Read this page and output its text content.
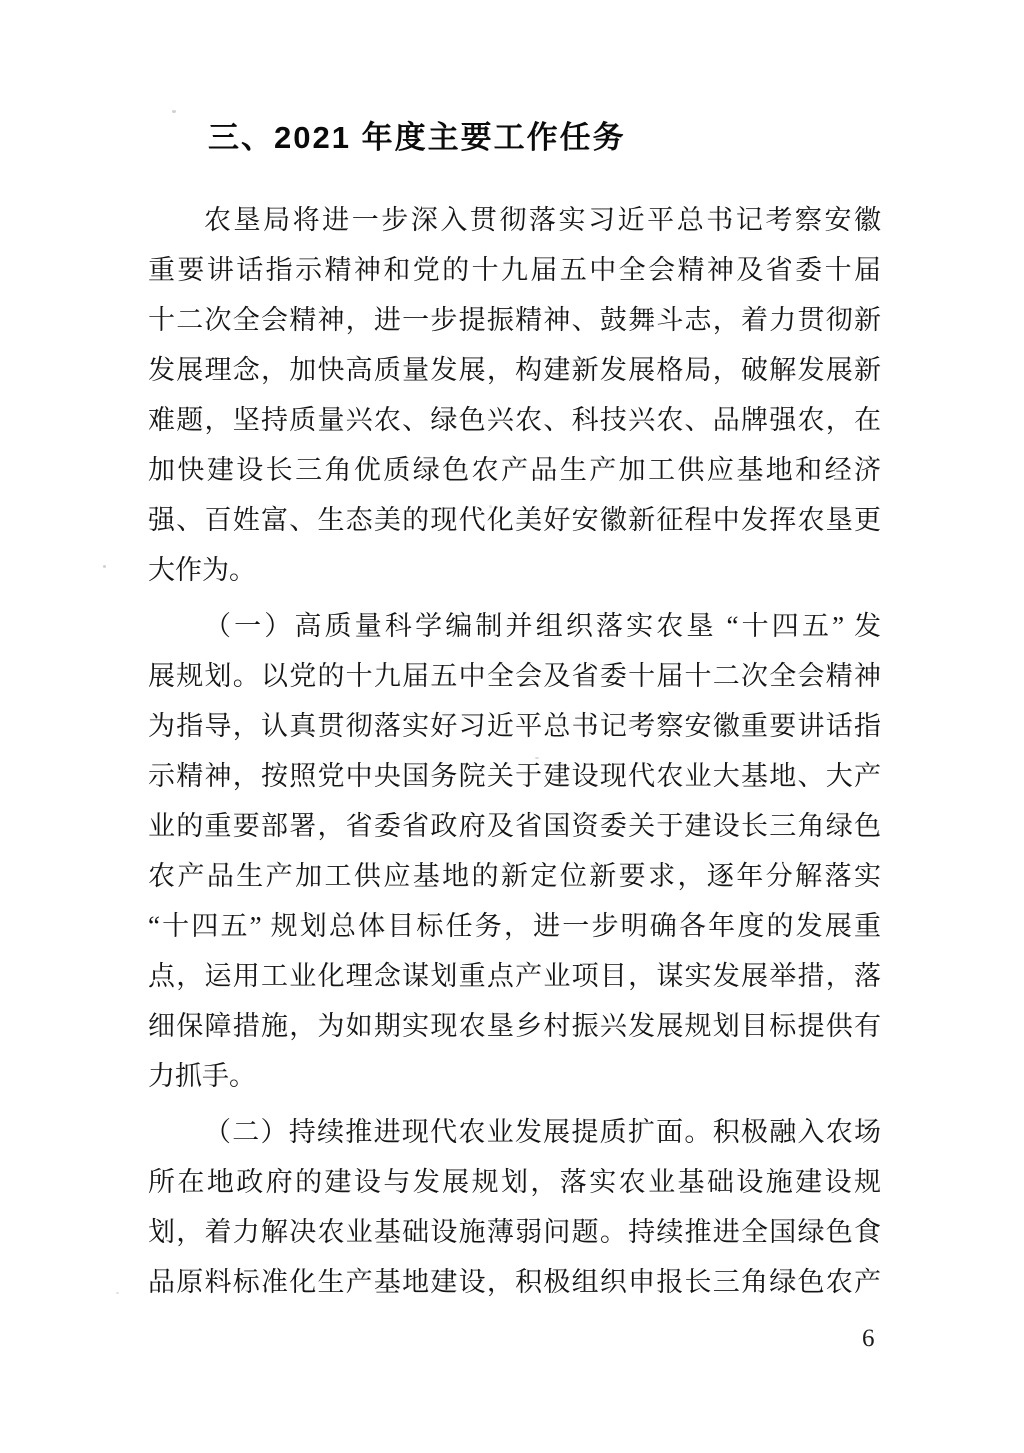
三、2021 年度主要工作任务
农垦局将进一步深入贯彻落实习近平总书记考察安徽
重要讲话指示精神和党的十九届五中全会精神及省委十届
十二次全会精神，进一步提振精神、鼓舞斗志，着力贯彻新
发展理念，加快高质量发展，构建新发展格局，破解发展新
难题，坚持质量兴农、绿色兴农、科技兴农、品牌强农，在
加快建设长三角优质绿色农产品生产加工供应基地和经济
强、百姓富、生态美的现代化美好安徽新征程中发挥农垦更
大作为。
（一）高质量科学编制并组织落实农垦 “十四五” 发
展规划。以党的十九届五中全会及省委十届十二次全会精神
为指导，认真贯彻落实好习近平总书记考察安徽重要讲话指
示精神，按照党中央国务院关于建设现代农业大基地、大产
业的重要部署，省委省政府及省国资委关于建设长三角绿色
农产品生产加工供应基地的新定位新要求，逐年分解落实
“十四五” 规划总体目标任务，进一步明确各年度的发展重
点，运用工业化理念谋划重点产业项目，谋实发展举措，落
细保障措施，为如期实现农垦乡村振兴发展规划目标提供有
力抓手。
（二）持续推进现代农业发展提质扩面。积极融入农场
所在地政府的建设与发展规划，落实农业基础设施建设规
划，着力解决农业基础设施薄弱问题。持续推进全国绿色食
品原料标准化生产基地建设，积极组织申报长三角绿色农产
6
